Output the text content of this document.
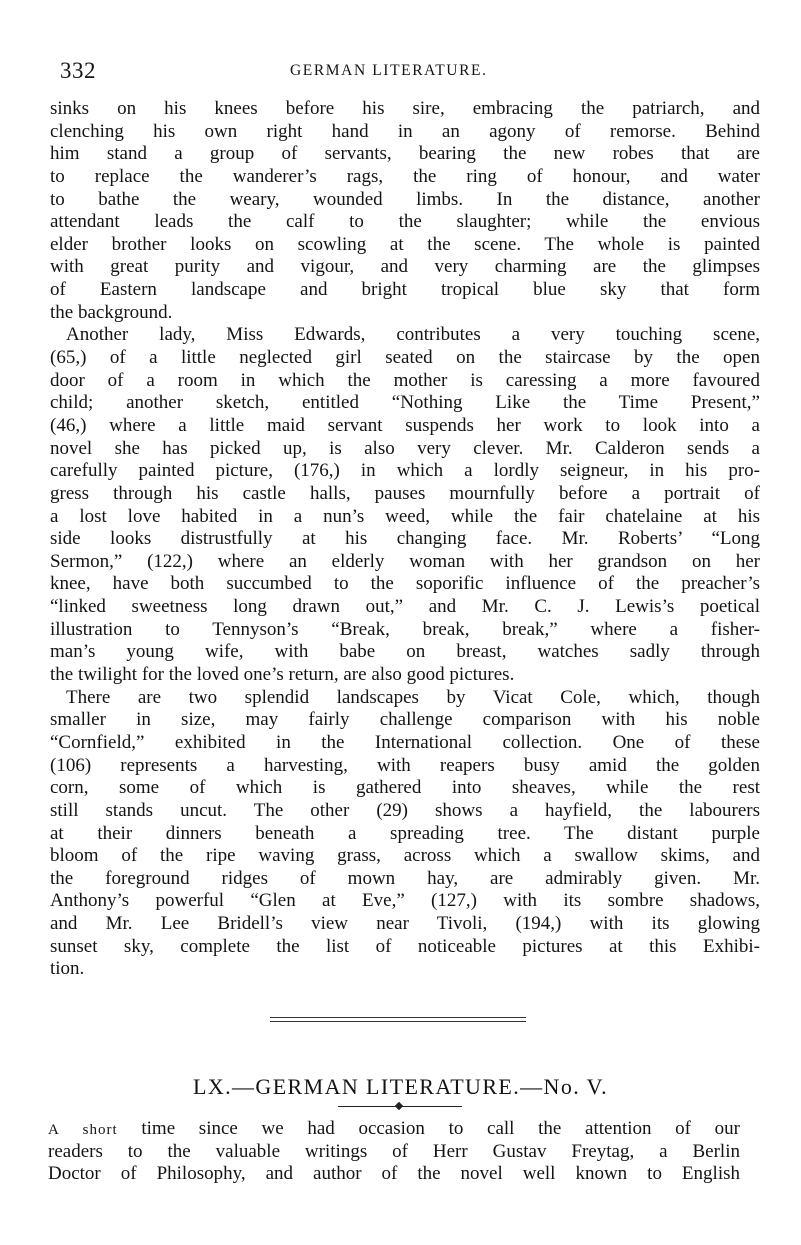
332	GERMAN LITERATURE.
sinks on his knees before his sire, embracing the patriarch, and
clenching his own right hand in an agony of remorse. Behind
him stand a group of servants, bearing the new robes that are
to replace the wanderer’s rags, the ring of honour, and water
to bathe the weary, wounded limbs. In the distance, another
attendant leads the calf to the slaughter; while the envious
elder brother looks on scowling at the scene. The whole is painted
with great purity and vigour, and very charming are the glimpses
of Eastern landscape and bright tropical blue sky that form
the background.
Another lady, Miss Edwards, contributes a very touching scene,
(65,) of a little neglected girl seated on the staircase by the open
door of a room in which the mother is caressing a more favoured
child; another sketch, entitled “Nothing Like the Time Present,”
(46,) where a little maid servant suspends her work to look into a
novel she has picked up, is also very clever. Mr. Calderon sends a
carefully painted picture, (176,) in which a lordly seigneur, in his pro-
gress through his castle halls, pauses mournfully before a portrait of
a lost love habited in a nun’s weed, while the fair chatelaine at his
side looks distrustfully at his changing face. Mr. Roberts’ “Long
Sermon,” (122,) where an elderly woman with her grandson on her
knee, have both succumbed to the soporific influence of the preacher’s
“linked sweetness long drawn out,” and Mr. C. J. Lewis’s poetical
illustration to Tennyson’s “Break, break, break,” where a fisher-
man’s young wife, with babe on breast, watches sadly through
the twilight for the loved one’s return, are also good pictures.
There are two splendid landscapes by Vicat Cole, which, though
smaller in size, may fairly challenge comparison with his noble
“Cornfield,” exhibited in the International collection. One of these
(106) represents a harvesting, with reapers busy amid the golden
corn, some of which is gathered into sheaves, while the rest
still stands uncut. The other (29) shows a hayfield, the labourers
at their dinners beneath a spreading tree. The distant purple
bloom of the ripe waving grass, across which a swallow skims, and
the foreground ridges of mown hay, are admirably given. Mr.
Anthony’s powerful “Glen at Eve,” (127,) with its sombre shadows,
and Mr. Lee Bridell’s view near Tivoli, (194,) with its glowing
sunset sky, complete the list of noticeable pictures at this Exhibi-
tion.
LX.—GERMAN LITERATURE.—No. V.
A short time since we had occasion to call the attention of our
readers to the valuable writings of Herr Gustav Freytag, a Berlin
Doctor of Philosophy, and author of the novel well known to English
